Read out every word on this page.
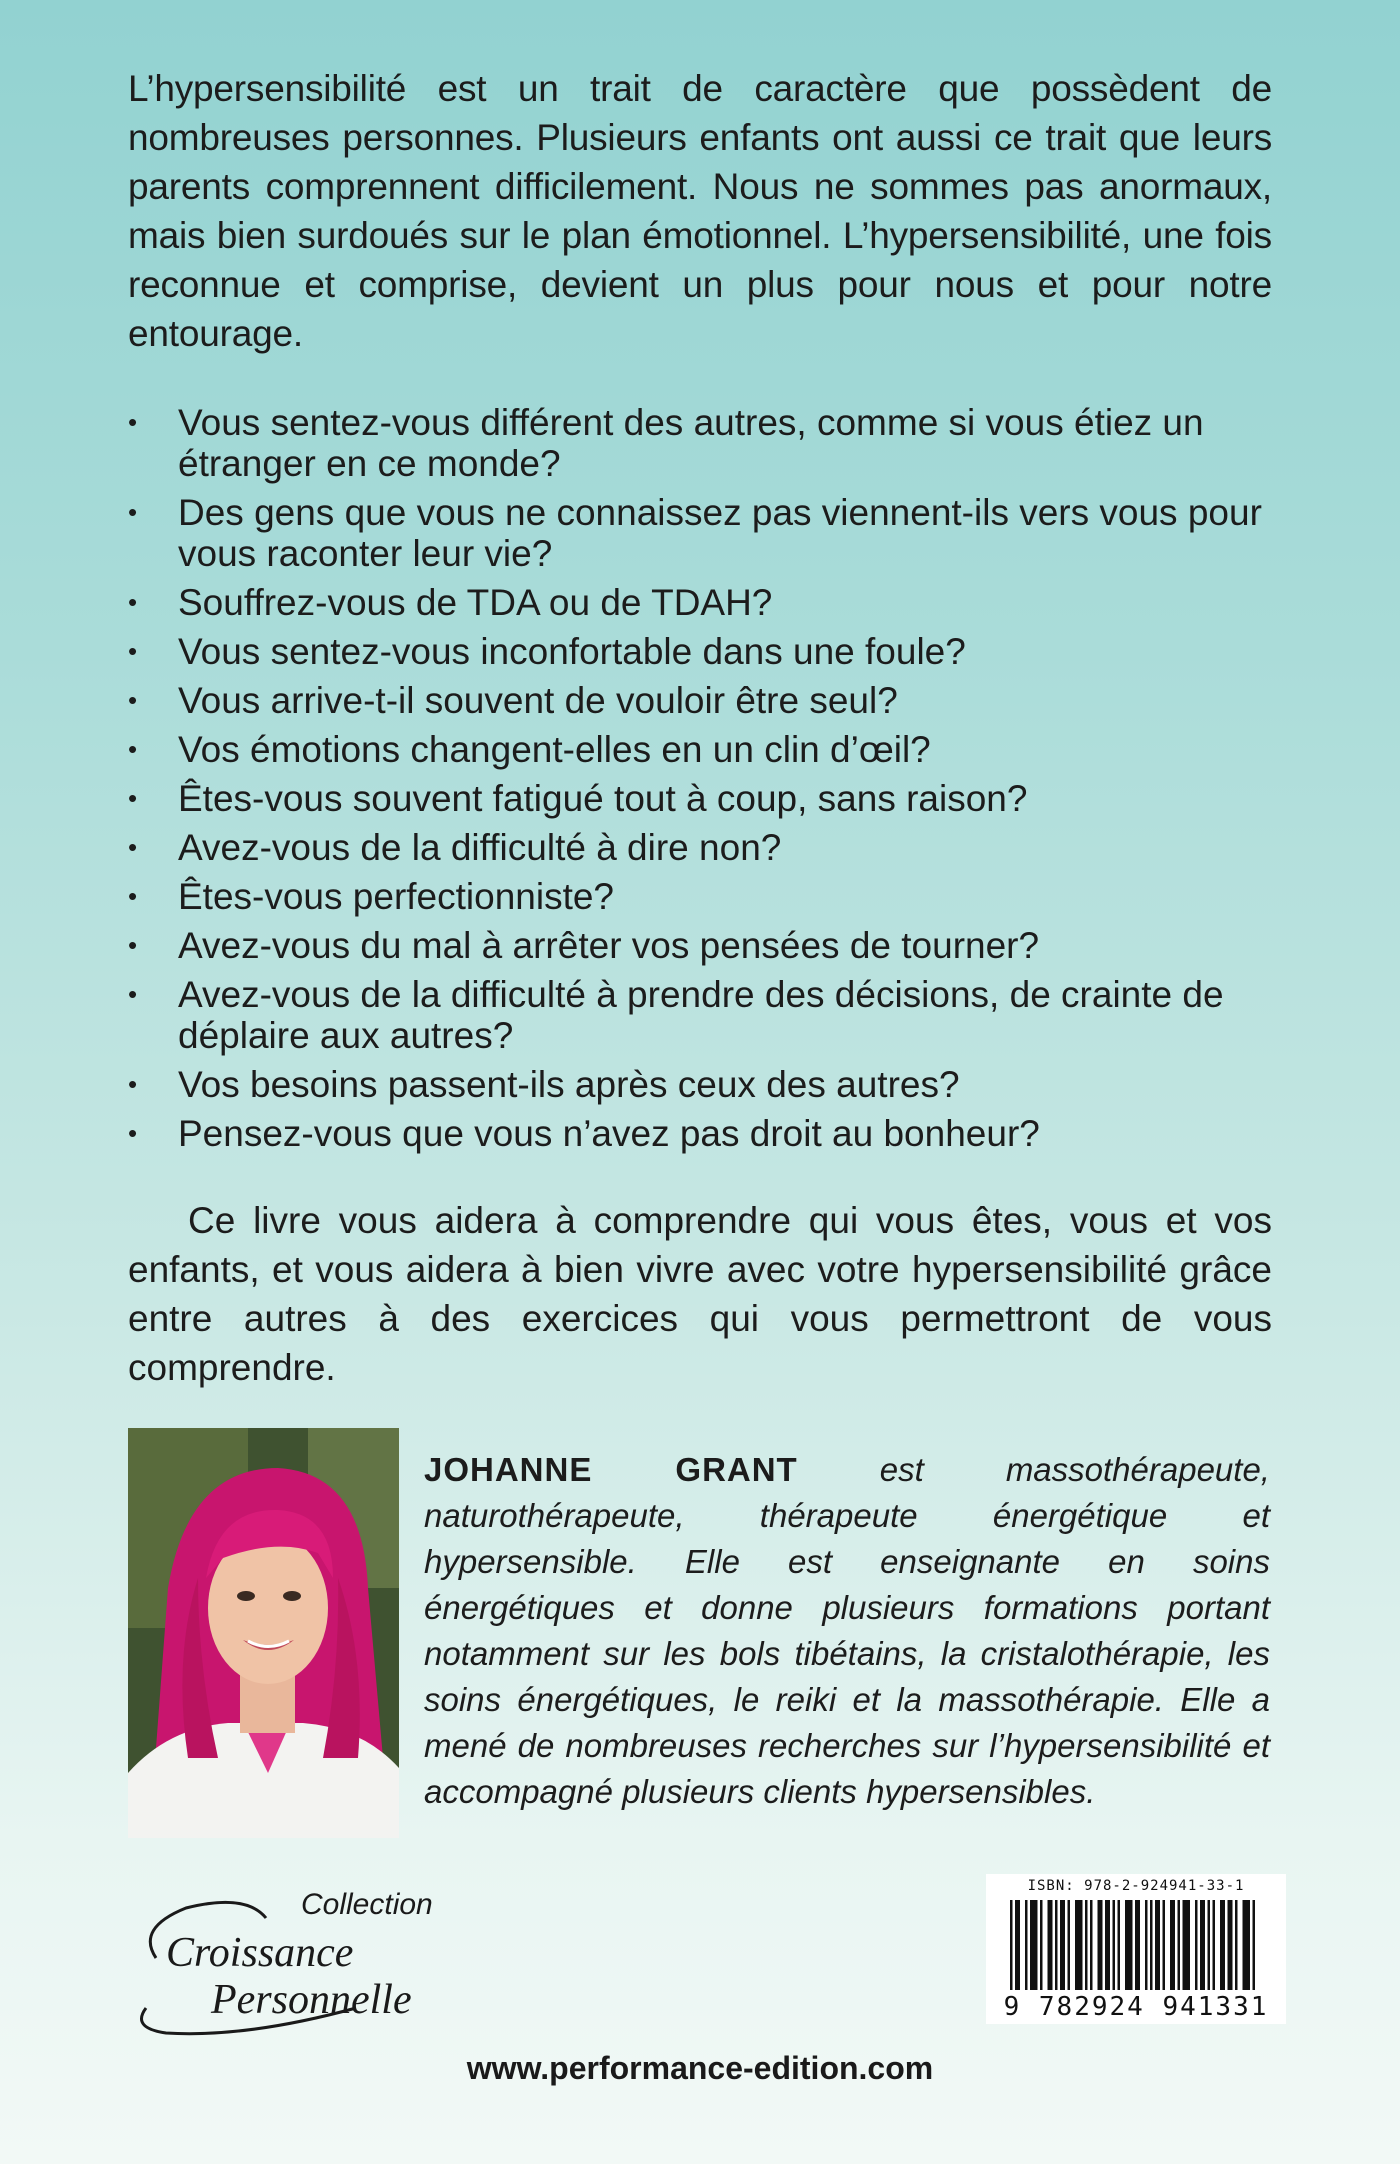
L’hypersensibilité est un trait de caractère que possèdent de nombreuses personnes. Plusieurs enfants ont aussi ce trait que leurs parents comprennent difficilement. Nous ne sommes pas anormaux, mais bien surdoués sur le plan émotionnel. L’hypersensibilité, une fois reconnue et comprise, devient un plus pour nous et pour notre entourage.

• Vous sentez-vous différent des autres, comme si vous étiez un étranger en ce monde?
• Des gens que vous ne connaissez pas viennent-ils vers vous pour vous raconter leur vie?
• Souffrez-vous de TDA ou de TDAH?
• Vous sentez-vous inconfortable dans une foule?
• Vous arrive-t-il souvent de vouloir être seul?
• Vos émotions changent-elles en un clin d’œil?
• Êtes-vous souvent fatigué tout à coup, sans raison?
• Avez-vous de la difficulté à dire non?
• Êtes-vous perfectionniste?
• Avez-vous du mal à arrêter vos pensées de tourner?
• Avez-vous de la difficulté à prendre des décisions, de crainte de déplaire aux autres?
• Vos besoins passent-ils après ceux des autres?
• Pensez-vous que vous n’avez pas droit au bonheur?

Ce livre vous aidera à comprendre qui vous êtes, vous et vos enfants, et vous aidera à bien vivre avec votre hypersensibilité grâce entre autres à des exercices qui vous permettront de vous comprendre.

JOHANNE GRANT est massothérapeute, naturothérapeute, thérapeute énergétique et hypersensible. Elle est enseignante en soins énergétiques et donne plusieurs formations portant notamment sur les bols tibétains, la cristalothérapie, les soins énergétiques, le reiki et la massothérapie. Elle a mené de nombreuses recherches sur l’hypersensibilité et accompagné plusieurs clients hypersensibles.

Collection
Croissance
Personnelle
ISBN: 978-2-924941-33-1
9 782924 941331
www.performance-edition.com
